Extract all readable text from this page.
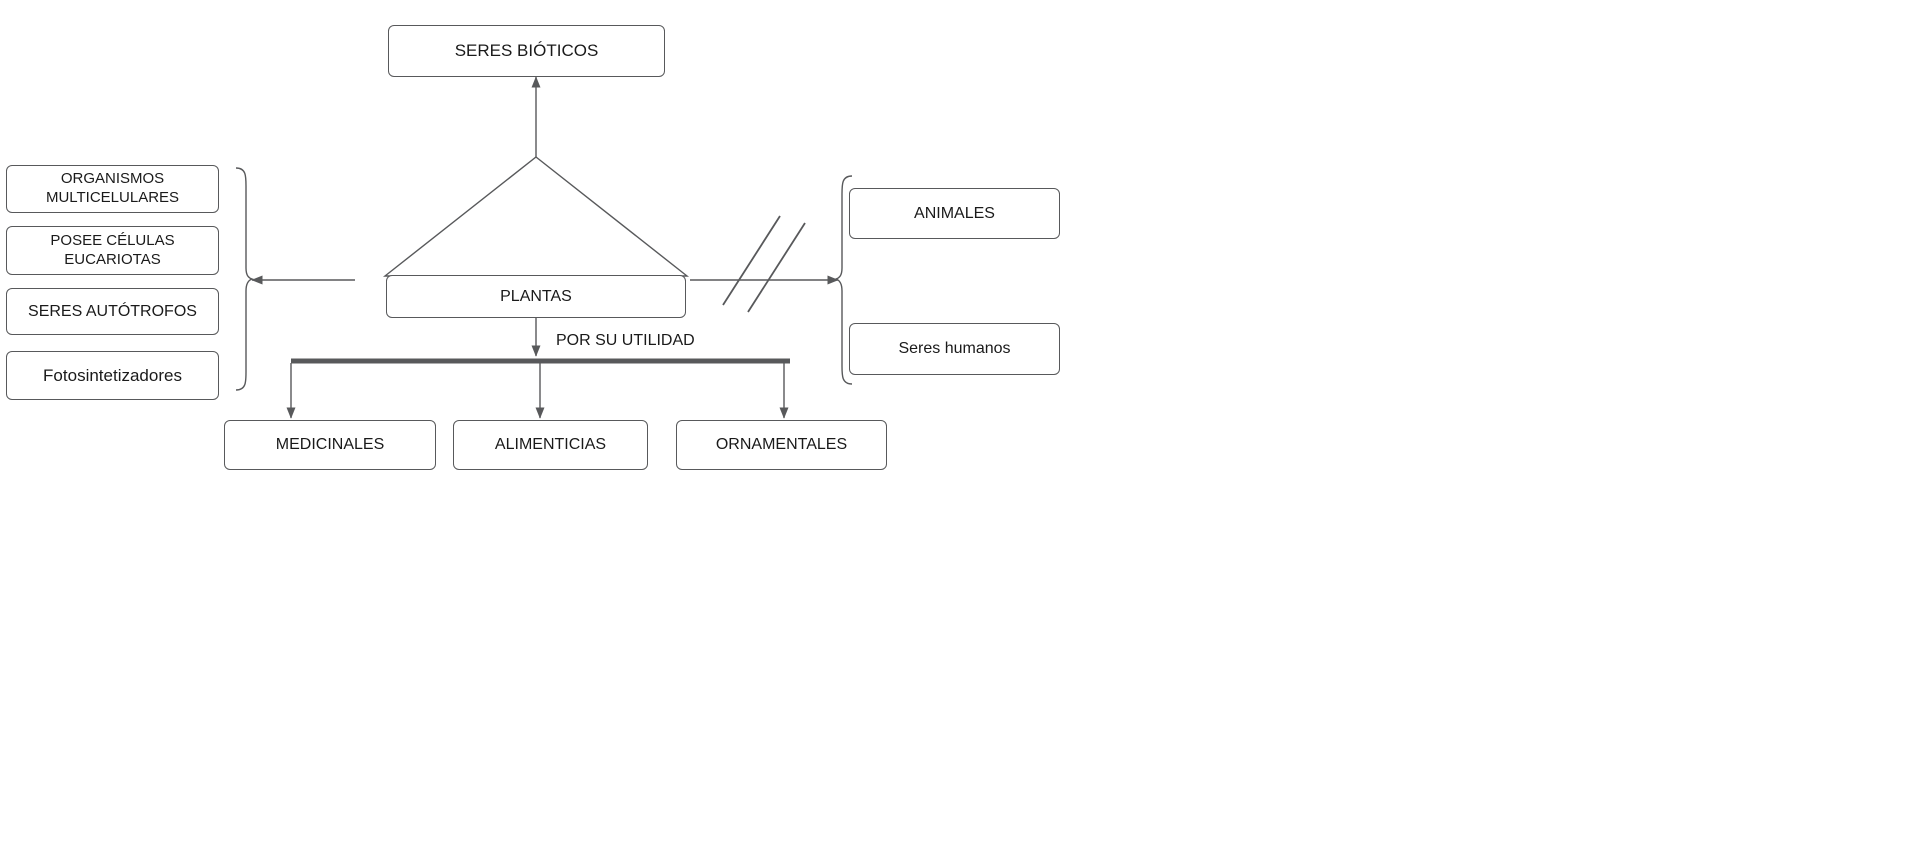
SERES BIÓTICOS
PLANTAS
ORGANISMOS MULTICELULARES
POSEE CÉLULAS EUCARIOTAS
SERES AUTÓTROFOS
Fotosintetizadores
ANIMALES
Seres humanos
POR SU UTILIDAD
MEDICINALES	ALIMENTICIAS	ORNAMENTALES
